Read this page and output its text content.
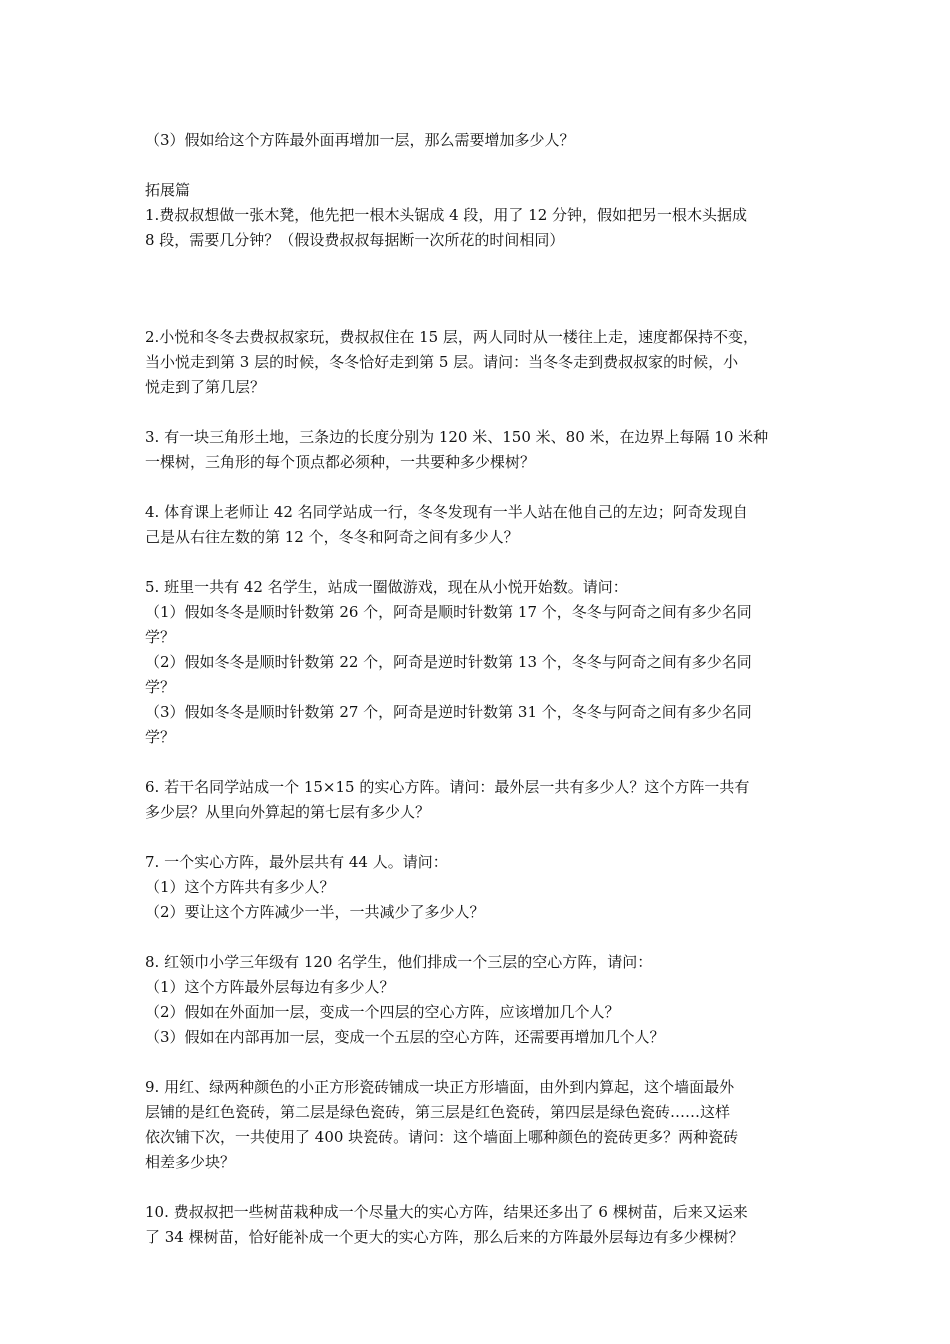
（3）假如给这个方阵最外面再增加一层，那么需要增加多少人？
拓展篇
1.费叔叔想做一张木凳，他先把一根木头锯成 4 段，用了 12 分钟，假如把另一根木头据成
8 段，需要几分钟？（假设费叔叔每据断一次所花的时间相同）
2.小悦和冬冬去费叔叔家玩，费叔叔住在 15 层，两人同时从一楼往上走，速度都保持不变，
当小悦走到第 3 层的时候，冬冬恰好走到第 5 层。请问：当冬冬走到费叔叔家的时候，小
悦走到了第几层？
3. 有一块三角形土地，三条边的长度分别为 120 米、150 米、80 米，在边界上每隔 10 米种
一棵树，三角形的每个顶点都必须种，一共要种多少棵树？
4. 体育课上老师让 42 名同学站成一行，冬冬发现有一半人站在他自己的左边；阿奇发现自
己是从右往左数的第 12 个，冬冬和阿奇之间有多少人？
5. 班里一共有 42 名学生，站成一圈做游戏，现在从小悦开始数。请问：
（1）假如冬冬是顺时针数第 26 个，阿奇是顺时针数第 17 个，冬冬与阿奇之间有多少名同
学？
（2）假如冬冬是顺时针数第 22 个，阿奇是逆时针数第 13 个，冬冬与阿奇之间有多少名同
学？
（3）假如冬冬是顺时针数第 27 个，阿奇是逆时针数第 31 个，冬冬与阿奇之间有多少名同
学？
6. 若干名同学站成一个 15×15 的实心方阵。请问：最外层一共有多少人？这个方阵一共有
多少层？从里向外算起的第七层有多少人？
7. 一个实心方阵，最外层共有 44 人。请问：
（1）这个方阵共有多少人？
（2）要让这个方阵减少一半，一共减少了多少人？
8. 红领巾小学三年级有 120 名学生，他们排成一个三层的空心方阵，请问：
（1）这个方阵最外层每边有多少人？
（2）假如在外面加一层，变成一个四层的空心方阵，应该增加几个人？
（3）假如在内部再加一层，变成一个五层的空心方阵，还需要再增加几个人？
9. 用红、绿两种颜色的小正方形瓷砖铺成一块正方形墙面，由外到内算起，这个墙面最外
层铺的是红色瓷砖，第二层是绿色瓷砖，第三层是红色瓷砖，第四层是绿色瓷砖……这样
依次铺下次，一共使用了 400 块瓷砖。请问：这个墙面上哪种颜色的瓷砖更多？两种瓷砖
相差多少块？
10. 费叔叔把一些树苗栽种成一个尽量大的实心方阵，结果还多出了 6 棵树苗，后来又运来
了 34 棵树苗，恰好能补成一个更大的实心方阵，那么后来的方阵最外层每边有多少棵树？
